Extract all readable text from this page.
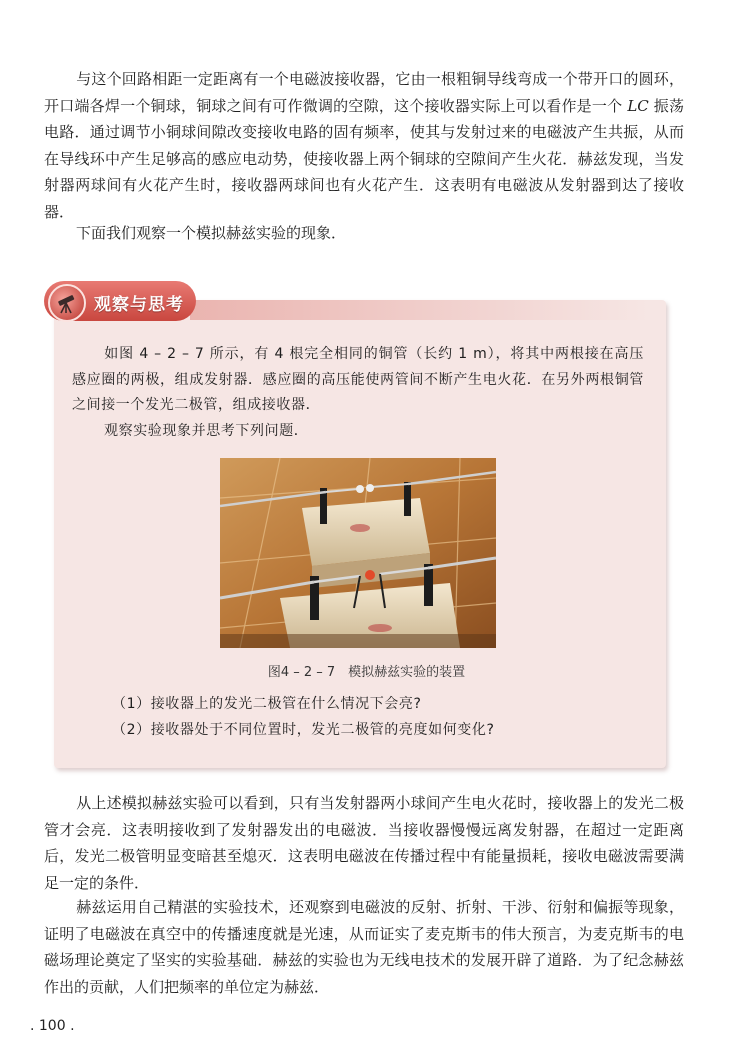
与这个回路相距一定距离有一个电磁波接收器，它由一根粗铜导线弯成一个带开口的圆环，开口端各焊一个铜球，铜球之间有可作微调的空隙，这个接收器实际上可以看作是一个 LC 振荡电路．通过调节小铜球间隙改变接收电路的固有频率，使其与发射过来的电磁波产生共振，从而在导线环中产生足够高的感应电动势，使接收器上两个铜球的空隙间产生火花．赫兹发现，当发射器两球间有火花产生时，接收器两球间也有火花产生．这表明有电磁波从发射器到达了接收器．

下面我们观察一个模拟赫兹实验的现象．

观察与思考

如图 4 – 2 – 7 所示，有 4 根完全相同的铜管（长约 1 m），将其中两根接在高压感应圈的两极，组成发射器．感应圈的高压能使两管间不断产生电火花．在另外两根铜管之间接一个发光二极管，组成接收器．

观察实验现象并思考下列问题．

图4 – 2 – 7　模拟赫兹实验的装置
（1）接收器上的发光二极管在什么情况下会亮?
（2）接收器处于不同位置时，发光二极管的亮度如何变化?

从上述模拟赫兹实验可以看到，只有当发射器两小球间产生电火花时，接收器上的发光二极管才会亮．这表明接收到了发射器发出的电磁波．当接收器慢慢远离发射器，在超过一定距离后，发光二极管明显变暗甚至熄灭．这表明电磁波在传播过程中有能量损耗，接收电磁波需要满足一定的条件．

赫兹运用自己精湛的实验技术，还观察到电磁波的反射、折射、干涉、衍射和偏振等现象，证明了电磁波在真空中的传播速度就是光速，从而证实了麦克斯韦的伟大预言，为麦克斯韦的电磁场理论奠定了坚实的实验基础．赫兹的实验也为无线电技术的发展开辟了道路．为了纪念赫兹作出的贡献，人们把频率的单位定为赫兹．

. 100 .
